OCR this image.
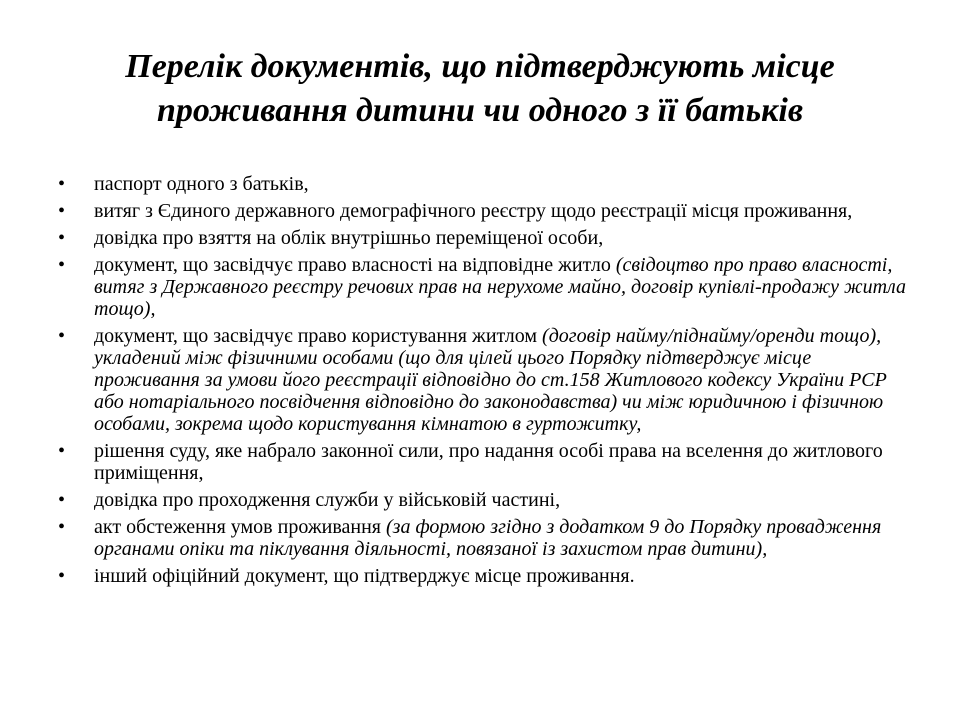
Перелік документів, що підтверджують місце
проживання дитини чи одного з її батьків
•	паспорт одного з батьків,
•	витяг з Єдиного державного демографічного реєстру щодо реєстрації місця проживання,
•	довідка про взяття на облік внутрішньо переміщеної особи,
•	документ, що засвідчує право власності на відповідне житло (свідоцтво про право власності, витяг з Державного реєстру речових прав на нерухоме майно, договір купівлі-продажу житла тощо),
•	документ, що засвідчує право користування житлом (договір найму/піднайму/оренди тощо), укладений між фізичними особами (що для цілей цього Порядку підтверджує місце проживання за умови його реєстрації відповідно до ст.158 Житлового кодексу України РСР або нотаріального посвідчення відповідно до законодавства) чи між юридичною і фізичною особами, зокрема щодо користування кімнатою в гуртожитку,
•	рішення суду, яке набрало законної сили, про надання особі права на вселення до житлового приміщення,
•	довідка про проходження служби у військовій частині,
•	акт обстеження умов проживання (за формою згідно з додатком 9 до Порядку провадження органами опіки та піклування діяльності, повязаної із захистом прав дитини),
•	інший офіційний документ, що підтверджує місце проживання.
